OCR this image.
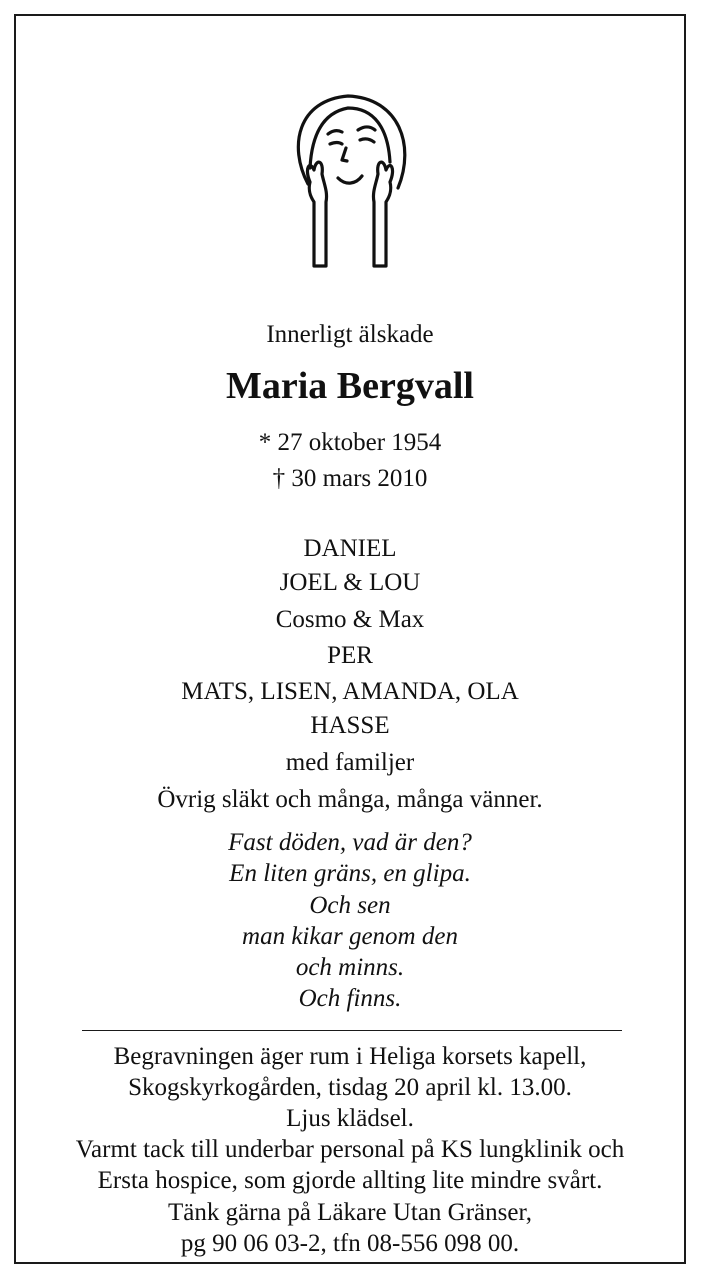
Innerligt älskade
Maria Bergvall
* 27 oktober 1954
† 30 mars 2010
DANIEL
JOEL & LOU
Cosmo & Max
PER
MATS, LISEN, AMANDA, OLA
HASSE
med familjer
Övrig släkt och många, många vänner.
Fast döden, vad är den?
En liten gräns, en glipa.
Och sen
man kikar genom den
och minns.
Och finns.
Begravningen äger rum i Heliga korsets kapell,
Skogskyrkogården, tisdag 20 april kl. 13.00.
Ljus klädsel.
Varmt tack till underbar personal på KS lungklinik och
Ersta hospice, som gjorde allting lite mindre svårt.
Tänk gärna på Läkare Utan Gränser,
pg 90 06 03-2, tfn 08-556 098 00.
